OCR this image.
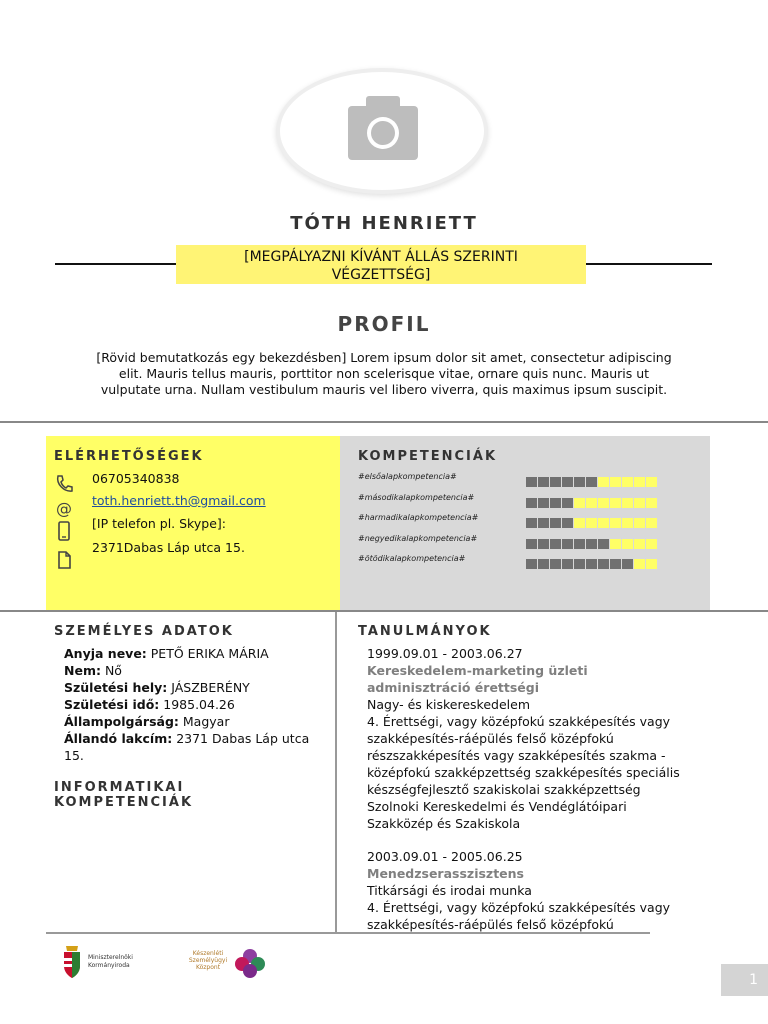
TÓTH HENRIETT
[MEGPÁLYAZNI KÍVÁNT ÁLLÁS SZERINTI
VÉGZETTSÉG]
PROFIL
[Rövid bemutatkozás egy bekezdésben] Lorem ipsum dolor sit amet, consectetur adipiscing elit. Mauris tellus mauris, porttitor non scelerisque vitae, ornare quis nunc. Mauris ut vulputate urna. Nullam vestibulum mauris vel libero viverra, quis maximus ipsum suscipit.
ELÉRHETŐSÉGEK
@
06705340838
toth.henriett.th@gmail.com
[IP telefon pl. Skype]:
2371Dabas Láp utca 15.
KOMPETENCIÁK
#elsőalapkompetencia#
#másodikalapkompetencia#
#harmadikalapkompetencia#
#negyedikalapkompetencia#
#ötödikalapkompetencia#
SZEMÉLYES ADATOK
Anyja neve: PETŐ ERIKA MÁRIA
Nem: Nő
Születési hely: JÁSZBERÉNY
Születési idő: 1985.04.26
Állampolgárság: Magyar
Állandó lakcím: 2371 Dabas Láp utca
15.
INFORMATIKAI
KOMPETENCIÁK
TANULMÁNYOK
1999.09.01 - 2003.06.27
Kereskedelem-marketing üzleti
adminisztráció érettségi
Nagy- és kiskereskedelem
4. Érettségi, vagy középfokú szakképesítés vagy
szakképesítés-ráépülés felső középfokú
részszakképesítés vagy szakképesítés szakma -
középfokú szakképzettség szakképesítés speciális
készségfejlesztő szakiskolai szakképzettség
Szolnoki Kereskedelmi és Vendéglátóipari
Szakközép és Szakiskola
2003.09.01 - 2005.06.25
Menedzserasszisztens
Titkársági és irodai munka
4. Érettségi, vagy középfokú szakképesítés vagy
szakképesítés-ráépülés felső középfokú
Miniszterelnöki
Kormányiroda
Készenléti
Személyügyi
Központ
1
